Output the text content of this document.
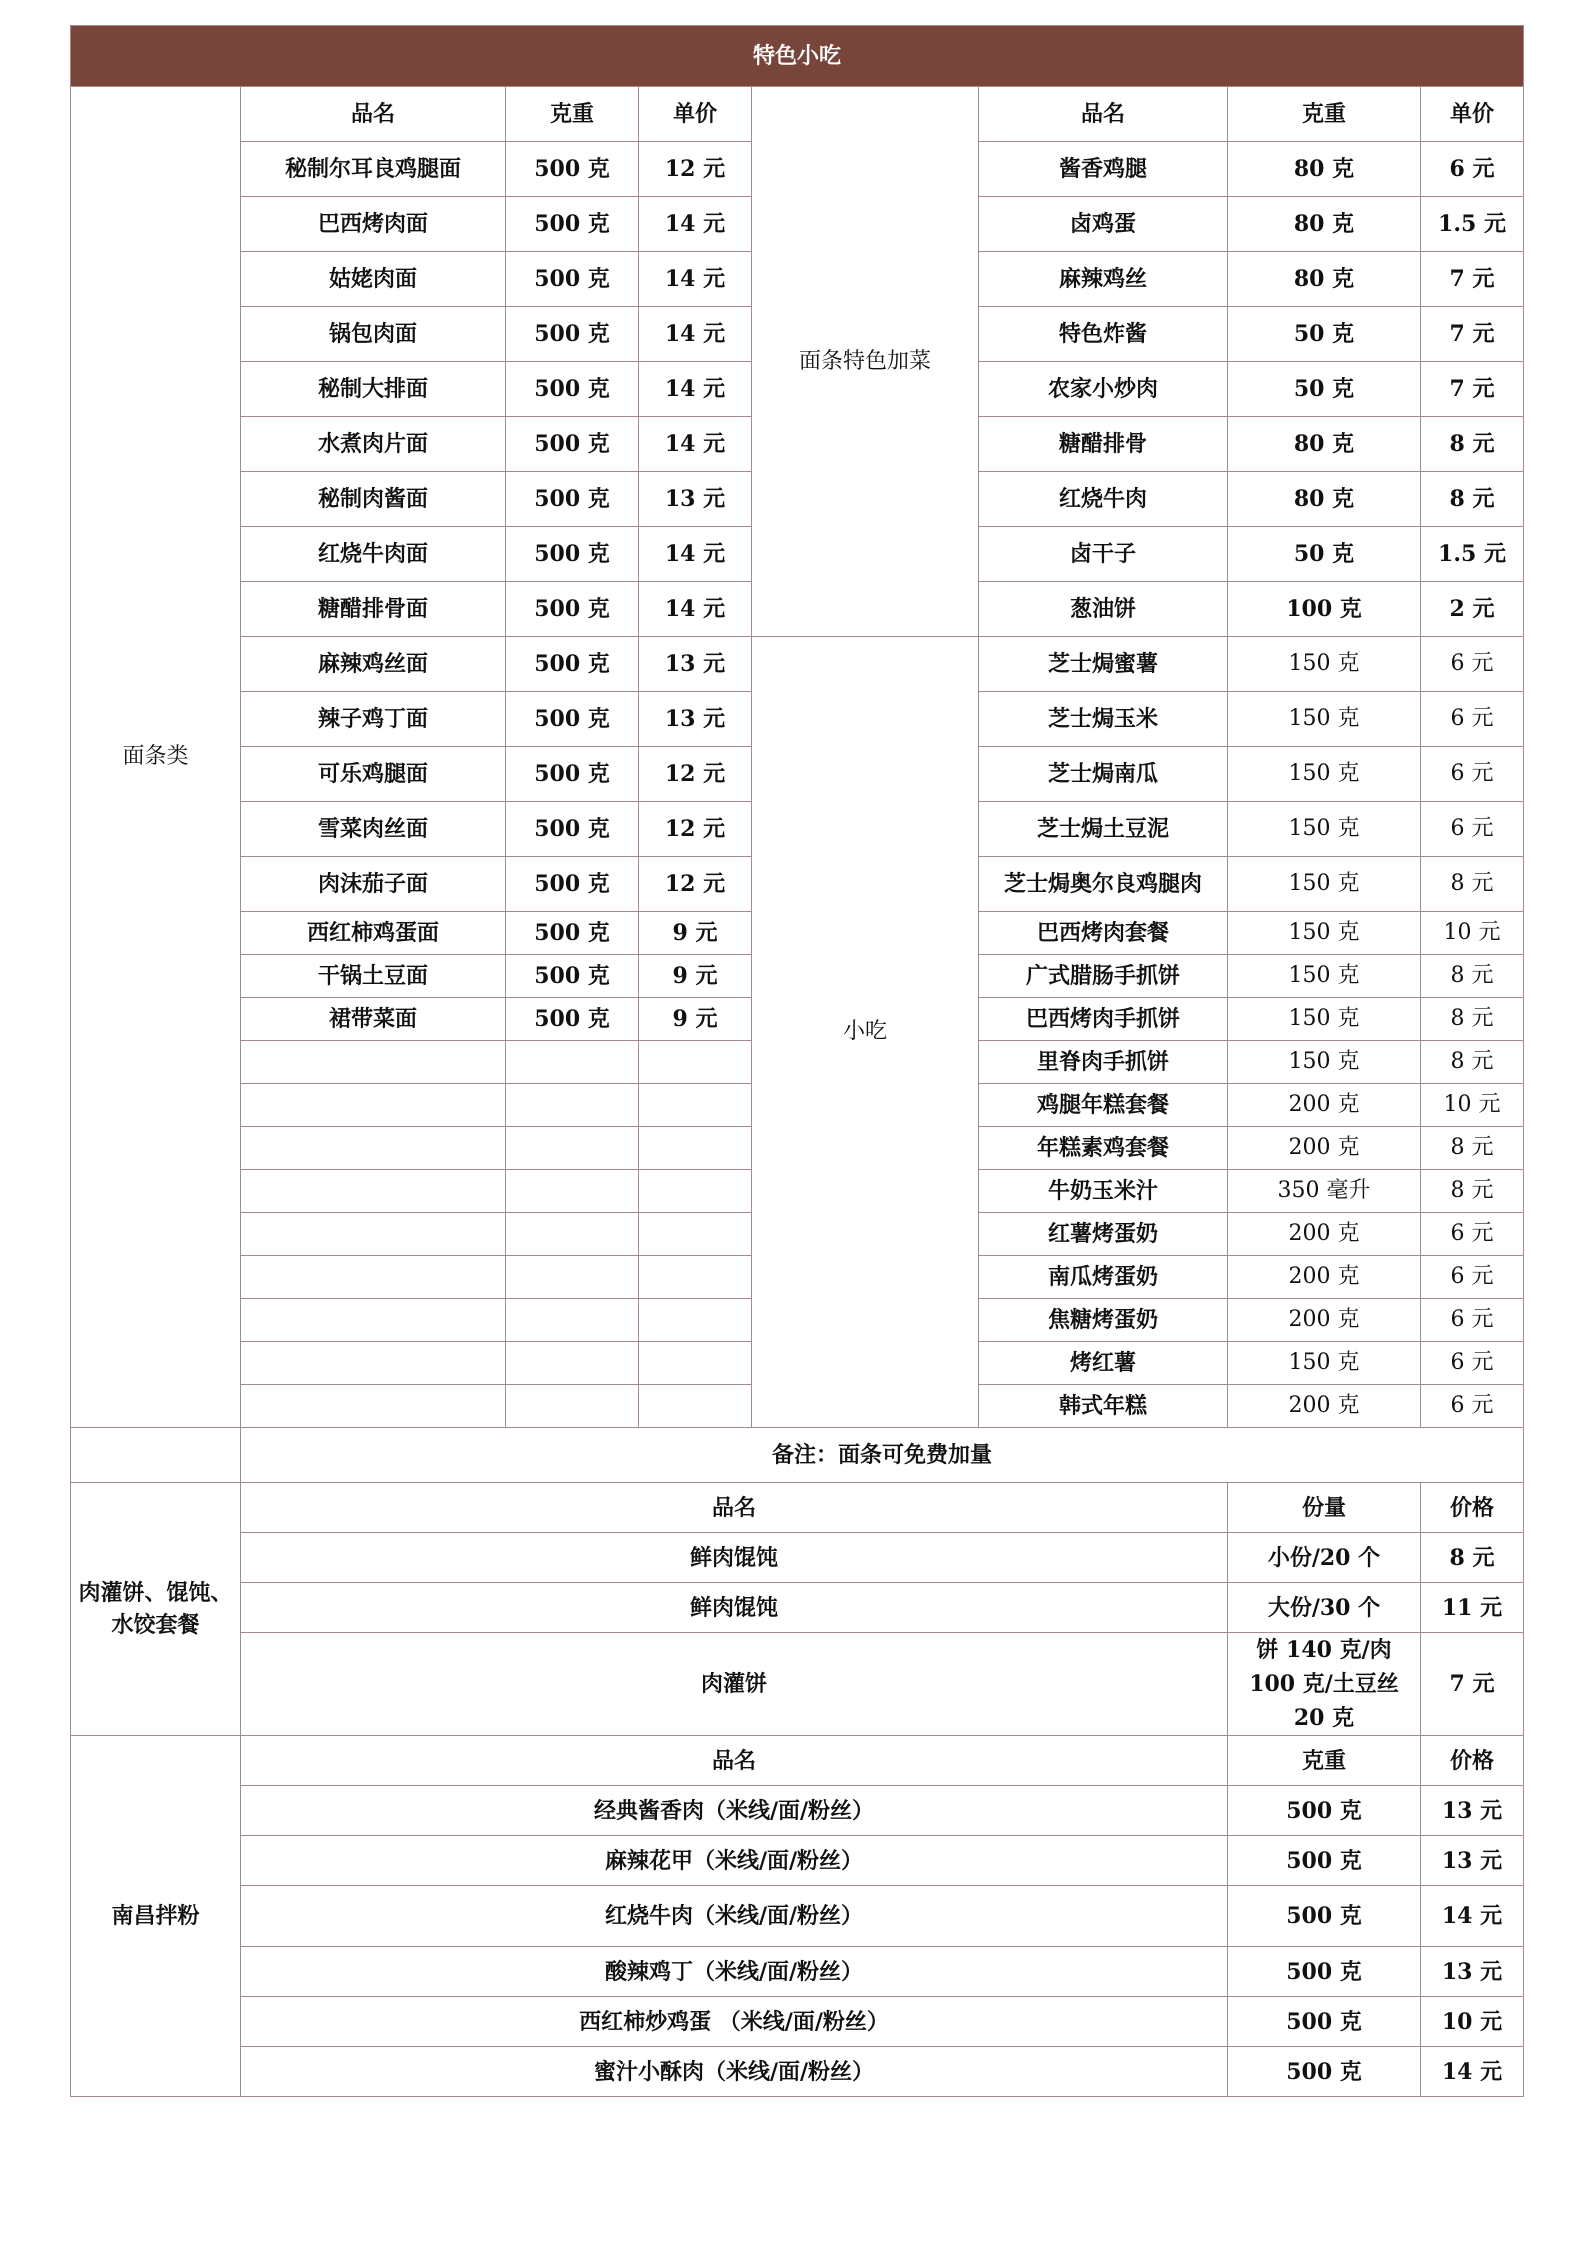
特色小吃							
面条类	品名	克重	单价	面条特色加菜	品名	克重	单价
	秘制尔耳良鸡腿面	500 克	12 元		酱香鸡腿	80 克	6 元
	巴西烤肉面	500 克	14 元		卤鸡蛋	80 克	1.5 元
	姑姥肉面	500 克	14 元		麻辣鸡丝	80 克	7 元
	锅包肉面	500 克	14 元		特色炸酱	50 克	7 元
	秘制大排面	500 克	14 元		农家小炒肉	50 克	7 元
	水煮肉片面	500 克	14 元		糖醋排骨	80 克	8 元
	秘制肉酱面	500 克	13 元		红烧牛肉	80 克	8 元
	红烧牛肉面	500 克	14 元		卤干子	50 克	1.5 元
	糖醋排骨面	500 克	14 元		葱油饼	100 克	2 元
	麻辣鸡丝面	500 克	13 元	小吃	芝士焗蜜薯	150 克	6 元
	辣子鸡丁面	500 克	13 元		芝士焗玉米	150 克	6 元
	可乐鸡腿面	500 克	12 元		芝士焗南瓜	150 克	6 元
	雪菜肉丝面	500 克	12 元		芝士焗土豆泥	150 克	6 元
	肉沫茄子面	500 克	12 元		芝士焗奥尔良鸡腿肉	150 克	8 元
	西红柿鸡蛋面	500 克	9 元		巴西烤肉套餐	150 克	10 元
	干锅土豆面	500 克	9 元		广式腊肠手抓饼	150 克	8 元
	裙带菜面	500 克	9 元		巴西烤肉手抓饼	150 克	8 元
					里脊肉手抓饼	150 克	8 元
					鸡腿年糕套餐	200 克	10 元
					年糕素鸡套餐	200 克	8 元
					牛奶玉米汁	350 毫升	8 元
					红薯烤蛋奶	200 克	6 元
					南瓜烤蛋奶	200 克	6 元
					焦糖烤蛋奶	200 克	6 元
					烤红薯	150 克	6 元
					韩式年糕	200 克	6 元
	备注：面条可免费加量						
肉灌饼、馄饨、水饺套餐	品名					份量	价格
	鲜肉馄饨					小份/20 个	8 元
	鲜肉馄饨					大份/30 个	11 元
	肉灌饼					饼 140 克/肉 100 克/土豆丝 20 克	7 元
南昌拌粉	品名					克重	价格
	经典酱香肉（米线/面/粉丝）					500 克	13 元
	麻辣花甲（米线/面/粉丝）					500 克	13 元
	红烧牛肉（米线/面/粉丝）					500 克	14 元
	酸辣鸡丁（米线/面/粉丝）					500 克	13 元
	西红柿炒鸡蛋 （米线/面/粉丝）					500 克	10 元
	蜜汁小酥肉（米线/面/粉丝）					500 克	14 元
